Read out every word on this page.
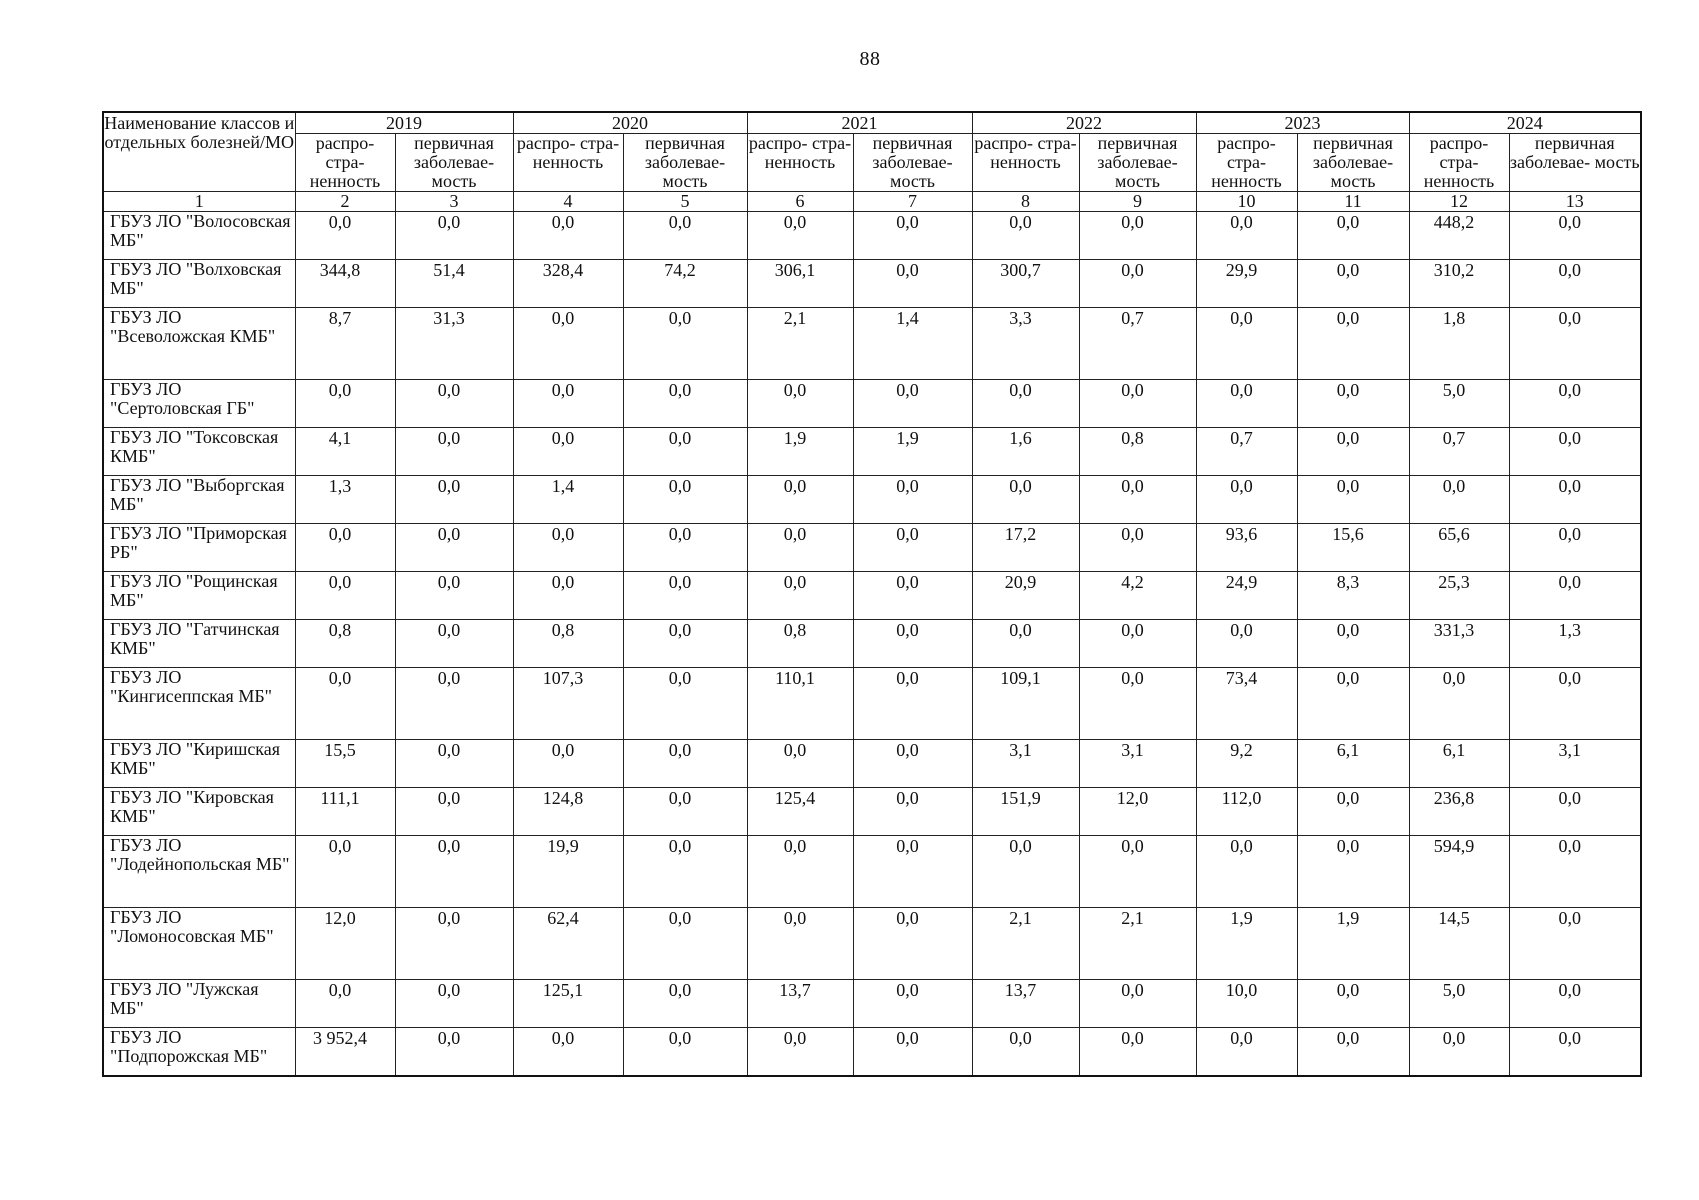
88
Наименование классов и отдельных болезней/МО	2019		2020		2021		2022		2023		2024	
	распро- стра- ненность	первичная заболевае- мость	распро- стра- ненность	первичная заболевае- мость	распро- стра- ненность	первичная заболевае- мость	распро- стра- ненность	первичная заболевае- мость	распро- стра- ненность	первичная заболевае- мость	распро- стра- ненность	первичная заболевае- мость
1	2	3	4	5	6	7	8	9	10	11	12	13
ГБУЗ ЛО "Волосовская МБ"	0,0	0,0	0,0	0,0	0,0	0,0	0,0	0,0	0,0	0,0	448,2	0,0
ГБУЗ ЛО "Волховская МБ"	344,8	51,4	328,4	74,2	306,1	0,0	300,7	0,0	29,9	0,0	310,2	0,0
ГБУЗ ЛО "Всеволожская КМБ"	8,7	31,3	0,0	0,0	2,1	1,4	3,3	0,7	0,0	0,0	1,8	0,0
ГБУЗ ЛО "Сертоловская ГБ"	0,0	0,0	0,0	0,0	0,0	0,0	0,0	0,0	0,0	0,0	5,0	0,0
ГБУЗ ЛО "Токсовская КМБ"	4,1	0,0	0,0	0,0	1,9	1,9	1,6	0,8	0,7	0,0	0,7	0,0
ГБУЗ ЛО "Выборгская МБ"	1,3	0,0	1,4	0,0	0,0	0,0	0,0	0,0	0,0	0,0	0,0	0,0
ГБУЗ ЛО "Приморская РБ"	0,0	0,0	0,0	0,0	0,0	0,0	17,2	0,0	93,6	15,6	65,6	0,0
ГБУЗ ЛО "Рощинская МБ"	0,0	0,0	0,0	0,0	0,0	0,0	20,9	4,2	24,9	8,3	25,3	0,0
ГБУЗ ЛО "Гатчинская КМБ"	0,8	0,0	0,8	0,0	0,8	0,0	0,0	0,0	0,0	0,0	331,3	1,3
ГБУЗ ЛО "Кингисеппская МБ"	0,0	0,0	107,3	0,0	110,1	0,0	109,1	0,0	73,4	0,0	0,0	0,0
ГБУЗ ЛО "Киришская КМБ"	15,5	0,0	0,0	0,0	0,0	0,0	3,1	3,1	9,2	6,1	6,1	3,1
ГБУЗ ЛО "Кировская КМБ"	111,1	0,0	124,8	0,0	125,4	0,0	151,9	12,0	112,0	0,0	236,8	0,0
ГБУЗ ЛО "Лодейнопольская МБ"	0,0	0,0	19,9	0,0	0,0	0,0	0,0	0,0	0,0	0,0	594,9	0,0
ГБУЗ ЛО "Ломоносовская МБ"	12,0	0,0	62,4	0,0	0,0	0,0	2,1	2,1	1,9	1,9	14,5	0,0
ГБУЗ ЛО "Лужская МБ"	0,0	0,0	125,1	0,0	13,7	0,0	13,7	0,0	10,0	0,0	5,0	0,0
ГБУЗ ЛО "Подпорожская МБ"	3 952,4	0,0	0,0	0,0	0,0	0,0	0,0	0,0	0,0	0,0	0,0	0,0
